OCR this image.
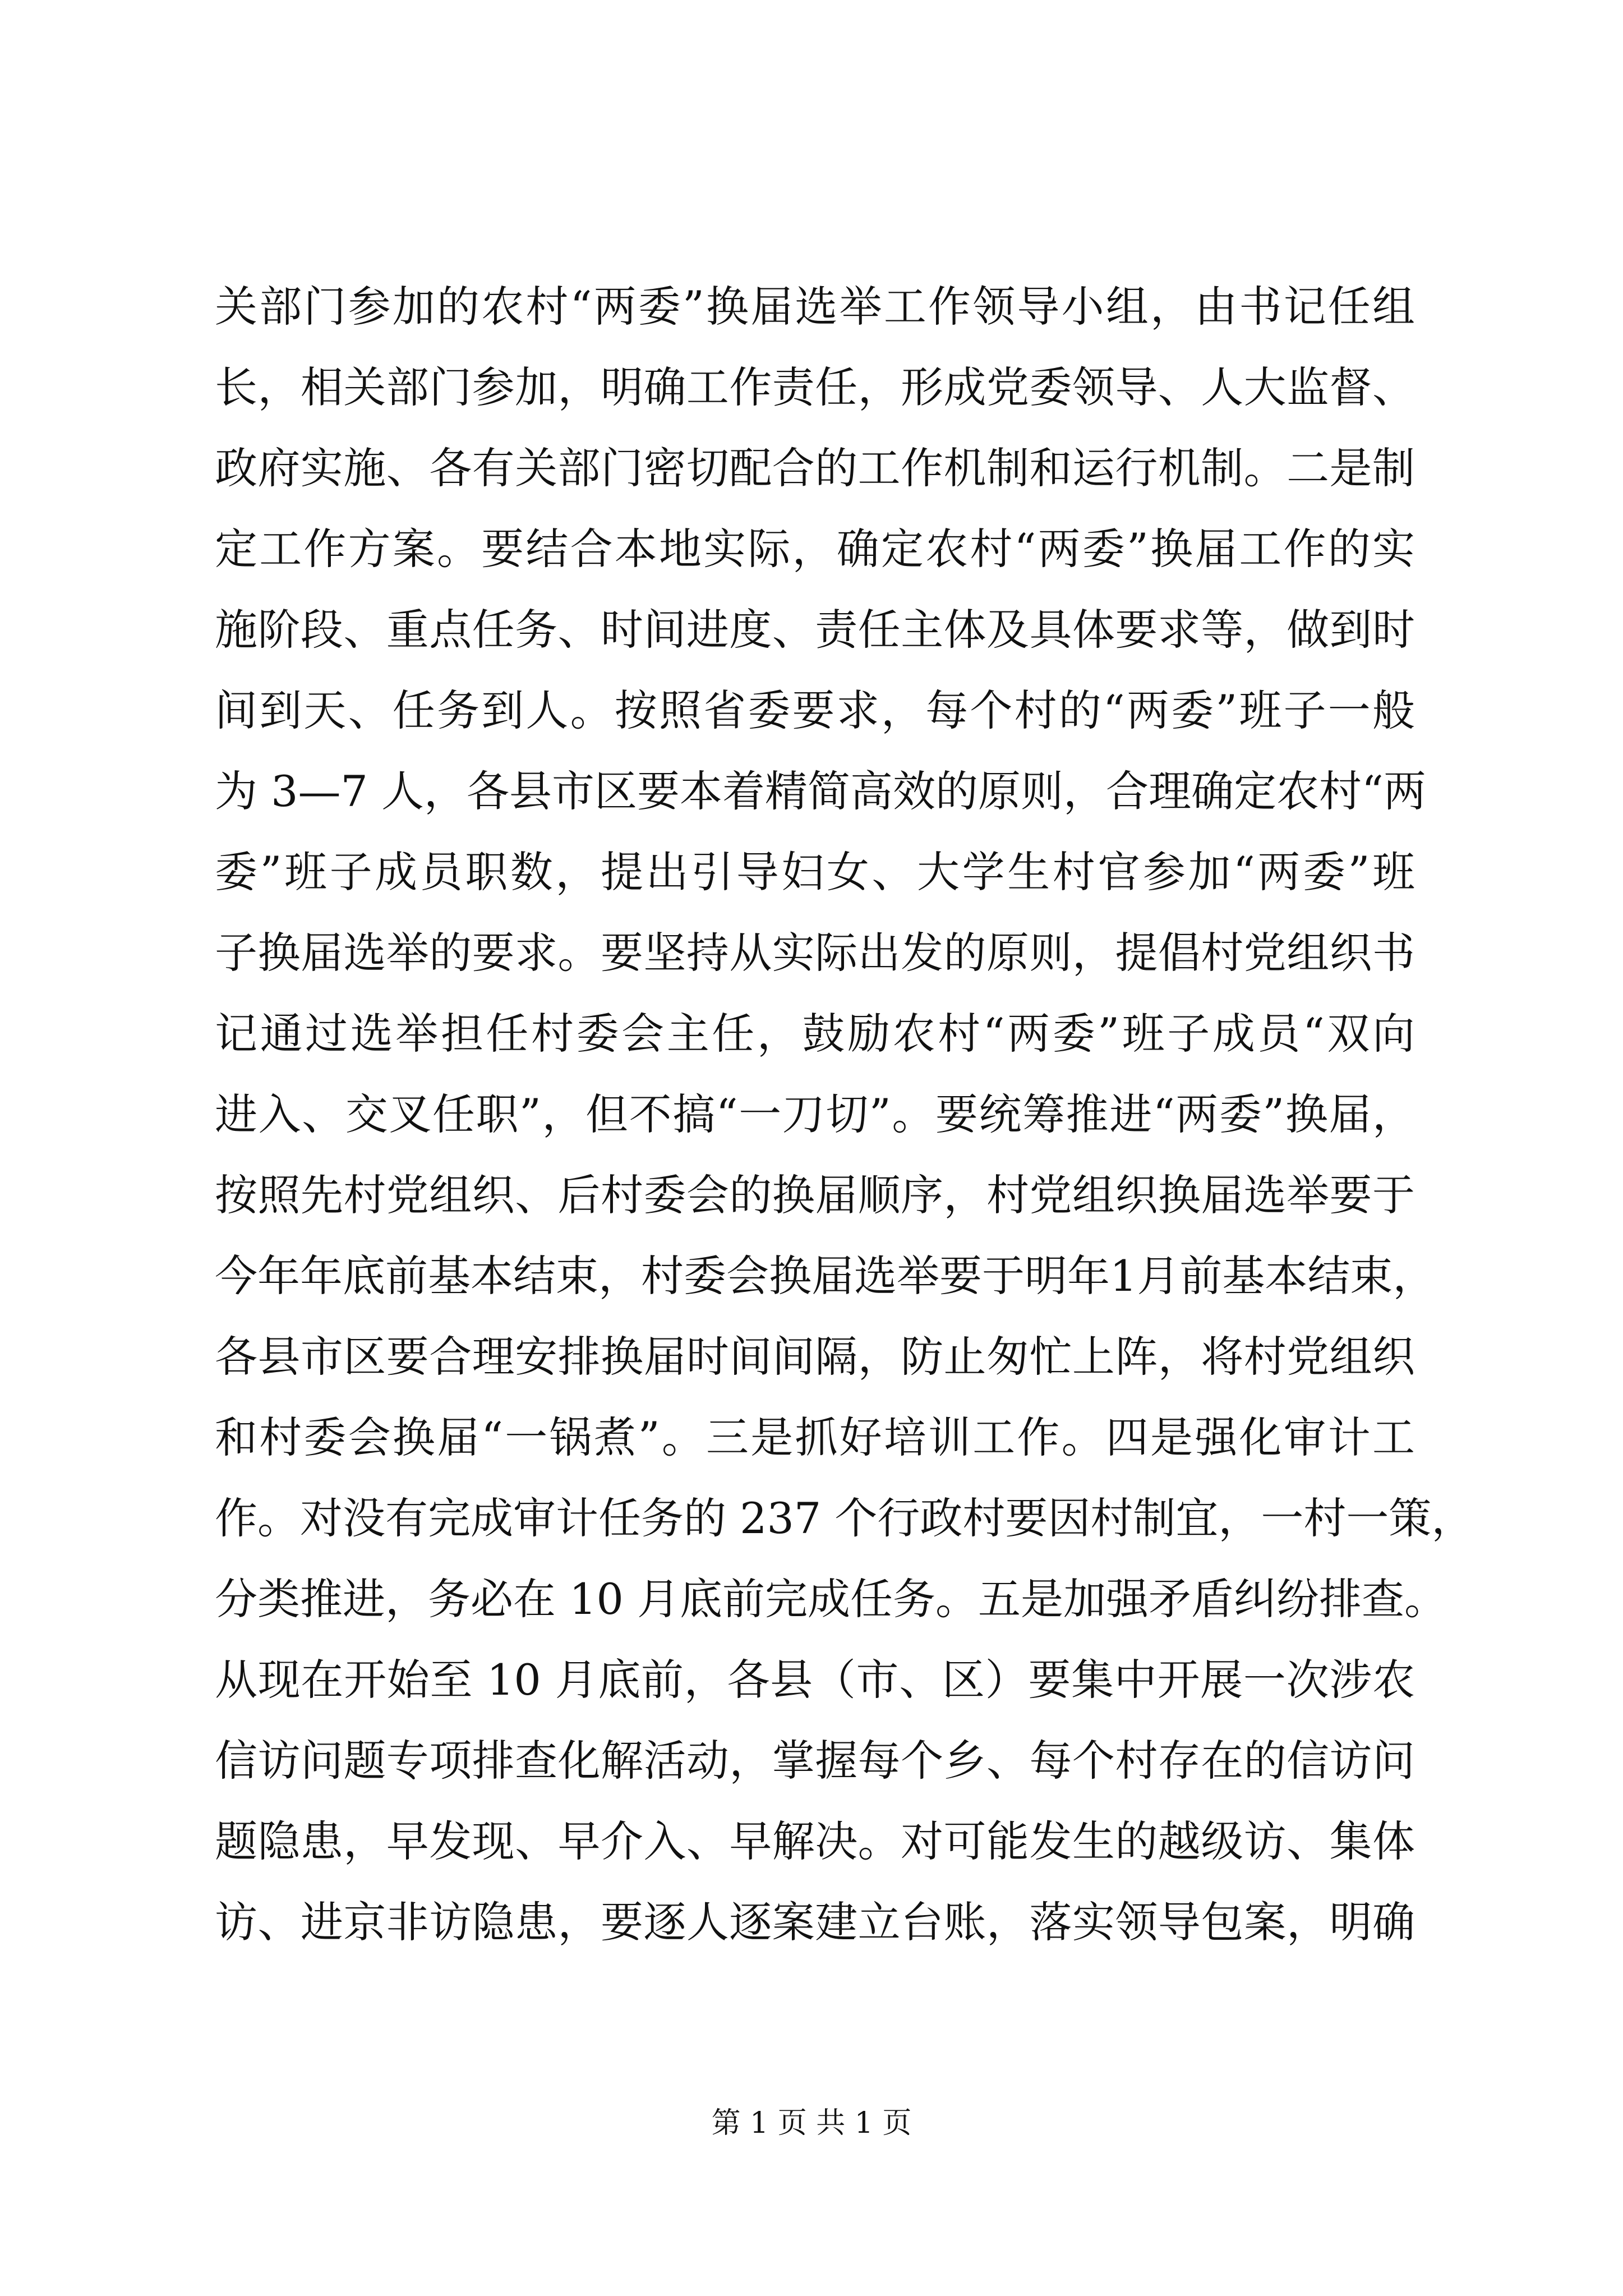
关部门参加的农村“两委”换届选举工作领导小组，由书记任组
长，相关部门参加，明确工作责任，形成党委领导、人大监督、
政府实施、各有关部门密切配合的工作机制和运行机制。二是制
定工作方案。要结合本地实际，确定农村“两委”换届工作的实
施阶段、重点任务、时间进度、责任主体及具体要求等，做到时
间到天、任务到人。按照省委要求，每个村的“两委”班子一般
为 3—7 人，各县市区要本着精简高效的原则，合理确定农村“两
委”班子成员职数，提出引导妇女、大学生村官参加“两委”班
子换届选举的要求。要坚持从实际出发的原则，提倡村党组织书
记通过选举担任村委会主任，鼓励农村“两委”班子成员“双向
进入、交叉任职”，但不搞“一刀切”。要统筹推进“两委”换届，
按照先村党组织、后村委会的换届顺序，村党组织换届选举要于
今年年底前基本结束，村委会换届选举要于明年1月前基本结束，
各县市区要合理安排换届时间间隔，防止匆忙上阵，将村党组织
和村委会换届“一锅煮”。三是抓好培训工作。四是强化审计工
作。对没有完成审计任务的 237 个行政村要因村制宜，一村一策，
分类推进，务必在 10 月底前完成任务。五是加强矛盾纠纷排查。
从现在开始至 10 月底前，各县（市、区）要集中开展一次涉农
信访问题专项排查化解活动，掌握每个乡、每个村存在的信访问
题隐患，早发现、早介入、早解决。对可能发生的越级访、集体
访、进京非访隐患，要逐人逐案建立台账，落实领导包案，明确
第 1 页 共 1 页
